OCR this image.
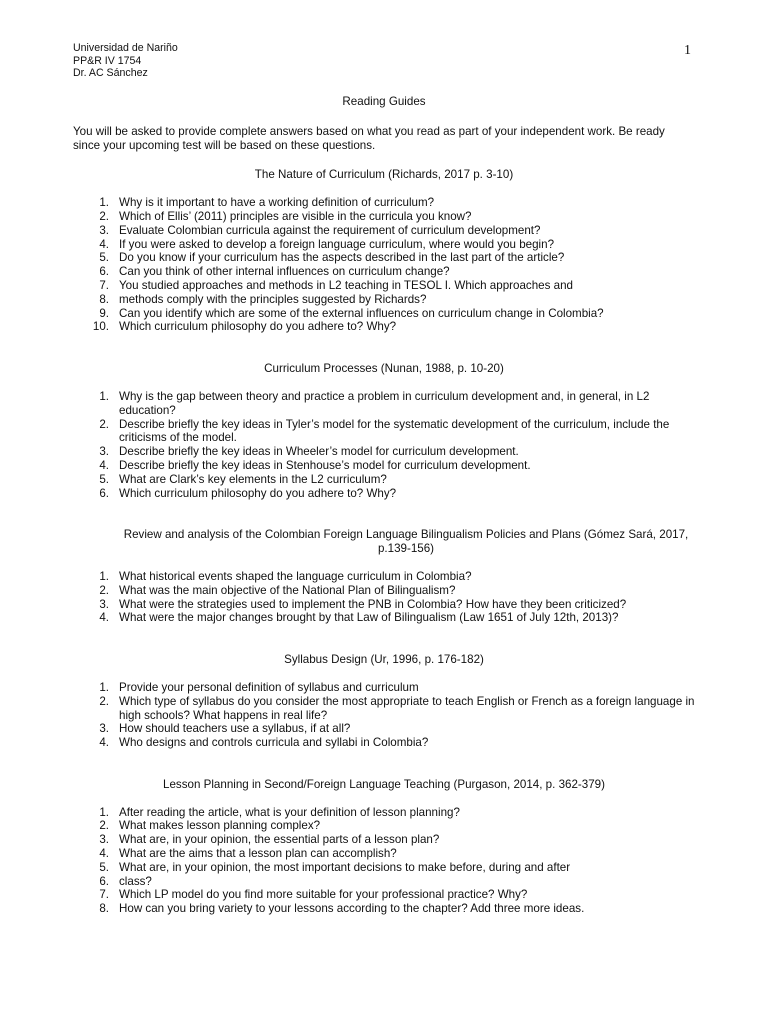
Universidad de Nariño
PP&R IV 1754
Dr. AC Sánchez
1
Reading Guides

You will be asked to provide complete answers based on what you read as part of your independent work. Be ready since your upcoming test will be based on these questions.

The Nature of Curriculum (Richards, 2017 p. 3-10)
1. Why is it important to have a working definition of curriculum?
2. Which of Ellis’ (2011) principles are visible in the curricula you know?
3. Evaluate Colombian curricula against the requirement of curriculum development?
4. If you were asked to develop a foreign language curriculum, where would you begin?
5. Do you know if your curriculum has the aspects described in the last part of the article?
6. Can you think of other internal influences on curriculum change?
7. You studied approaches and methods in L2 teaching in TESOL I. Which approaches and
8. methods comply with the principles suggested by Richards?
9. Can you identify which are some of the external influences on curriculum change in Colombia?
10. Which curriculum philosophy do you adhere to? Why?
Curriculum Processes (Nunan, 1988, p. 10-20)
1. Why is the gap between theory and practice a problem in curriculum development and, in general, in L2 education?
2. Describe briefly the key ideas in Tyler’s model for the systematic development of the curriculum, include the criticisms of the model.
3. Describe briefly the key ideas in Wheeler’s model for curriculum development.
4. Describe briefly the key ideas in Stenhouse’s model for curriculum development.
5. What are Clark’s key elements in the L2 curriculum?
6. Which curriculum philosophy do you adhere to? Why?
Review and analysis of the Colombian Foreign Language Bilingualism Policies and Plans (Gómez Sará, 2017, p.139-156)
1. What historical events shaped the language curriculum in Colombia?
2. What was the main objective of the National Plan of Bilingualism?
3. What were the strategies used to implement the PNB in Colombia? How have they been criticized?
4. What were the major changes brought by that Law of Bilingualism (Law 1651 of July 12th, 2013)?
Syllabus Design (Ur, 1996, p. 176-182)
1. Provide your personal definition of syllabus and curriculum
2. Which type of syllabus do you consider the most appropriate to teach English or French as a foreign language in high schools? What happens in real life?
3. How should teachers use a syllabus, if at all?
4. Who designs and controls curricula and syllabi in Colombia?
Lesson Planning in Second/Foreign Language Teaching (Purgason, 2014, p. 362-379)
1. After reading the article, what is your definition of lesson planning?
2. What makes lesson planning complex?
3. What are, in your opinion, the essential parts of a lesson plan?
4. What are the aims that a lesson plan can accomplish?
5. What are, in your opinion, the most important decisions to make before, during and after
6. class?
7. Which LP model do you find more suitable for your professional practice? Why?
8. How can you bring variety to your lessons according to the chapter? Add three more ideas.
